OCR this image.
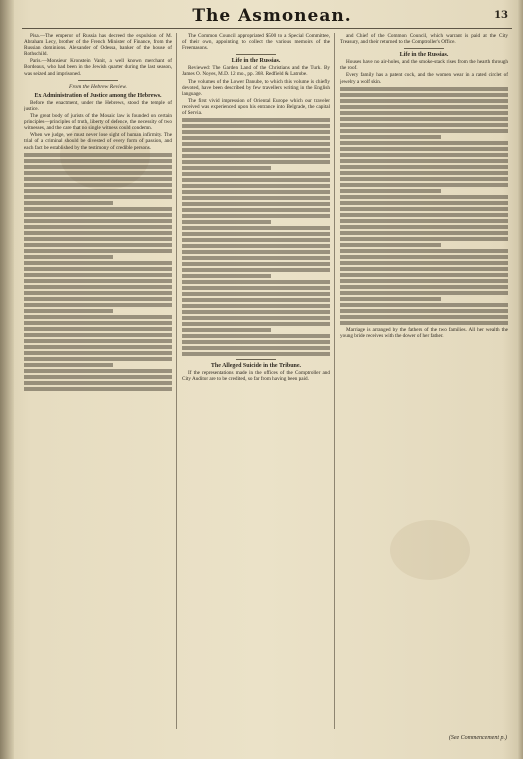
The Asmonean.	13

Pisa.—The emperor of Russia has decreed the expulsion of M. Abraham Lecy, brother of the French Minister of Finance, from the Russian dominions. Alexander of Odessa, banker of the house of Rothschild.

Paris.—Monsieur Kronstein Vanit, a well known merchant of Bordeaux, who had been in the Jewish quarter during the last season, was seized and imprisoned.

From the Hebrew Review.

Ex Administration of Justice among the Hebrews.

Before the enactment, under the Hebrews, stood the temple of justice.

The great body of jurists of the Mosaic law is founded on certain principles—principles of truth, liberty of defence, the necessity of two witnesses, and the care that no single witness could condemn.

When we judge, we must never lose sight of human infirmity. The trial of a criminal should be divested of every form of passion, and each fact be established by the testimony of credible persons.

The Common Council appropriated $500 to a Special Committee, of their own, appointing to collect the various memoirs of the Freemasons.

Life in the Russias.

Reviewed: The Garden Land of the Christians and the Turk. By James O. Noyes, M.D. 12 mo., pp. 368. Redfield & Latrobe.

The volumes of the Lower Danube, to which this volume is chiefly devoted, have been described by few travellers writing in the English language.

The first vivid impression of Oriental Europe which our traveler received was experienced upon his entrance into Belgrade, the capital of Servia.

The Alleged Suicide in the Tribune.

If the representations made in the offices of the Comptroller and City Auditor are to be credited, so far from having been paid.

and Chief of the Common Council, which warrant is paid at the City Treasury, and their returned to the Comptroller's Office.

Life in the Russias.

Houses have no air-holes, and the smoke-stack rises from the hearth through the roof.

Every family has a patent cock, and the women wear in a rated circlet of jewelry a wolf skin.

Marriage is arranged by the fathers of the two families. All her wealth the young bride receives with the dower of her father.

(See Commencement p.)
